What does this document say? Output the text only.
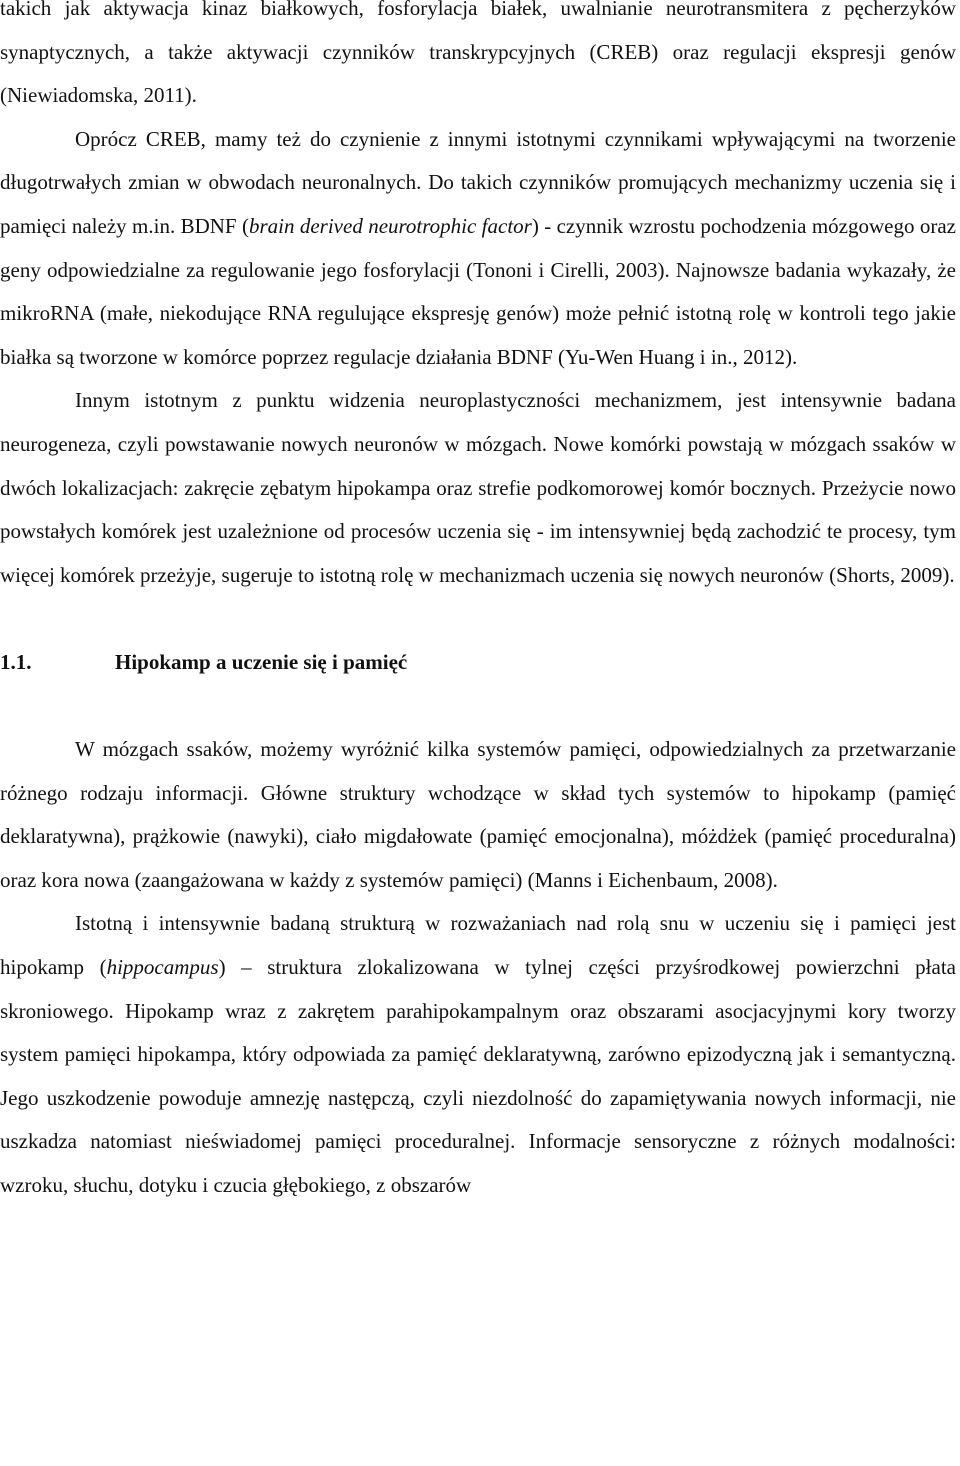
takich jak aktywacja kinaz białkowych, fosforylacja białek, uwalnianie neurotransmitera z pęcherzyków synaptycznych, a także aktywacji czynników transkrypcyjnych (CREB) oraz regulacji ekspresji genów (Niewiadomska, 2011).

Oprócz CREB, mamy też do czynienie z innymi istotnymi czynnikami wpływającymi na tworzenie długotrwałych zmian w obwodach neuronalnych. Do takich czynników promujących mechanizmy uczenia się i pamięci należy m.in. BDNF (brain derived neurotrophic factor) - czynnik wzrostu pochodzenia mózgowego oraz geny odpowiedzialne za regulowanie jego fosforylacji (Tononi i Cirelli, 2003). Najnowsze badania wykazały, że mikroRNA (małe, niekodujące RNA regulujące ekspresję genów) może pełnić istotną rolę w kontroli tego jakie białka są tworzone w komórce poprzez regulacje działania BDNF (Yu-Wen Huang i in., 2012).

Innym istotnym z punktu widzenia neuroplastyczności mechanizmem, jest intensywnie badana neurogeneza, czyli powstawanie nowych neuronów w mózgach. Nowe komórki powstają w mózgach ssaków w dwóch lokalizacjach: zakręcie zębatym hipokampa oraz strefie podkomorowej komór bocznych. Przeżycie nowo powstałych komórek jest uzależnione od procesów uczenia się - im intensywniej będą zachodzić te procesy, tym więcej komórek przeżyje, sugeruje to istotną rolę w mechanizmach uczenia się nowych neuronów (Shorts, 2009).

1.1.	Hipokamp a uczenie się i pamięć

W mózgach ssaków, możemy wyróżnić kilka systemów pamięci, odpowiedzialnych za przetwarzanie różnego rodzaju informacji. Główne struktury wchodzące w skład tych systemów to hipokamp (pamięć deklaratywna), prążkowie (nawyki), ciało migdałowate (pamięć emocjonalna), móżdżek (pamięć proceduralna) oraz kora nowa (zaangażowana w każdy z systemów pamięci) (Manns i Eichenbaum, 2008).

Istotną i intensywnie badaną strukturą w rozważaniach nad rolą snu w uczeniu się i pamięci jest hipokamp (hippocampus) – struktura zlokalizowana w tylnej części przyśrodkowej powierzchni płata skroniowego. Hipokamp wraz z zakrętem parahipokampalnym oraz obszarami asocjacyjnymi kory tworzy system pamięci hipokampa, który odpowiada za pamięć deklaratywną, zarówno epizodyczną jak i semantyczną. Jego uszkodzenie powoduje amnezję następczą, czyli niezdolność do zapamiętywania nowych informacji, nie uszkadza natomiast nieświadomej pamięci proceduralnej. Informacje sensoryczne z różnych modalności: wzroku, słuchu, dotyku i czucia głębokiego, z obszarów
